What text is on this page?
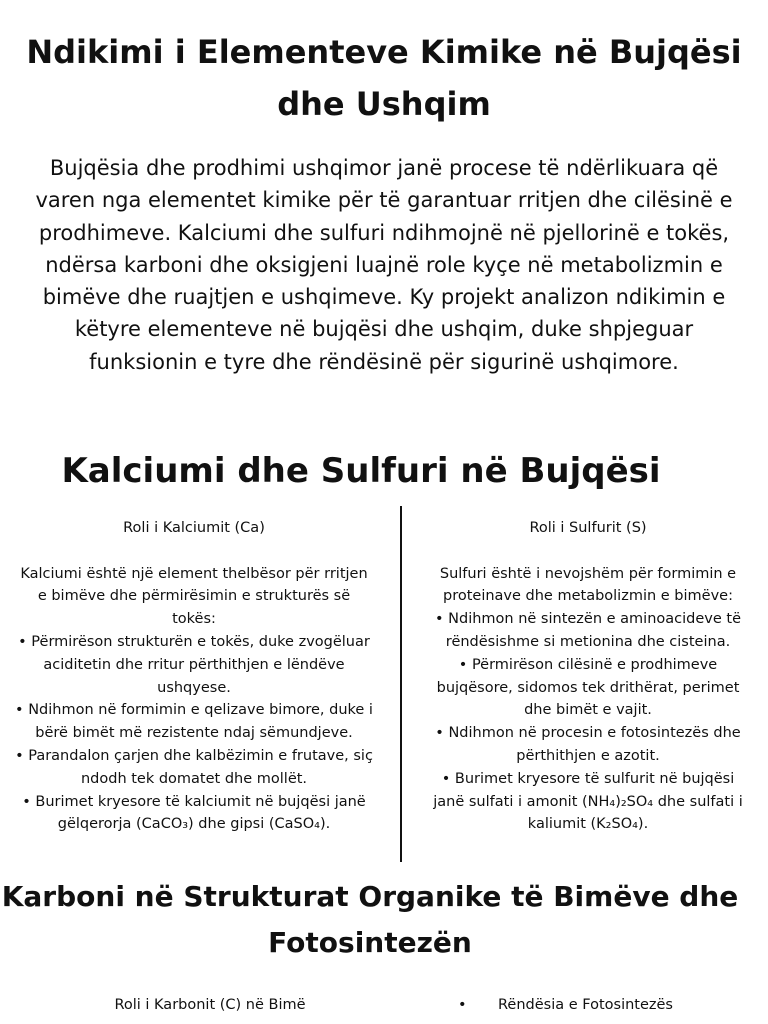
Ndikimi i Elementeve Kimike në Bujqësi
dhe Ushqim

Bujqësia dhe prodhimi ushqimor janë procese të ndërlikuara që
varen nga elementet kimike për të garantuar rritjen dhe cilësinë e
prodhimeve. Kalciumi dhe sulfuri ndihmojnë në pjellorinë e tokës,
ndërsa karboni dhe oksigjeni luajnë role kyçe në metabolizmin e
bimëve dhe ruajtjen e ushqimeve. Ky projekt analizon ndikimin e
këtyre elementeve në bujqësi dhe ushqim, duke shpjeguar
funksionin e tyre dhe rëndësinë për sigurinë ushqimore.

Kalciumi dhe Sulfuri në Bujqësi

Roli i Kalciumit (Ca)

Kalciumi është një element thelbësor për rritjen
e bimëve dhe përmirësimin e strukturës së
tokës:
• Përmirëson strukturën e tokës, duke zvogëluar
aciditetin dhe rritur përthithjen e lëndëve
ushqyese.
• Ndihmon në formimin e qelizave bimore, duke i
bërë bimët më rezistente ndaj sëmundjeve.
• Parandalon çarjen dhe kalbëzimin e frutave, siç
ndodh tek domatet dhe mollët.
• Burimet kryesore të kalciumit në bujqësi janë
gëlqerorja (CaCO₃) dhe gipsi (CaSO₄).

Roli i Sulfurit (S)

Sulfuri është i nevojshëm për formimin e
proteinave dhe metabolizmin e bimëve:
• Ndihmon në sintezën e aminoacideve të
rëndësishme si metionina dhe cisteina.
• Përmirëson cilësinë e prodhimeve
bujqësore, sidomos tek drithërat, perimet
dhe bimët e vajit.
• Ndihmon në procesin e fotosintezës dhe
përthithjen e azotit.
• Burimet kryesore të sulfurit në bujqësi
janë sulfati i amonit (NH₄)₂SO₄ dhe sulfati i
kaliumit (K₂SO₄).

Karboni në Strukturat Organike të Bimëve dhe
Fotosintezën
Roli i Karbonit (C) në Bimë	• Rëndësia e Fotosintezës
